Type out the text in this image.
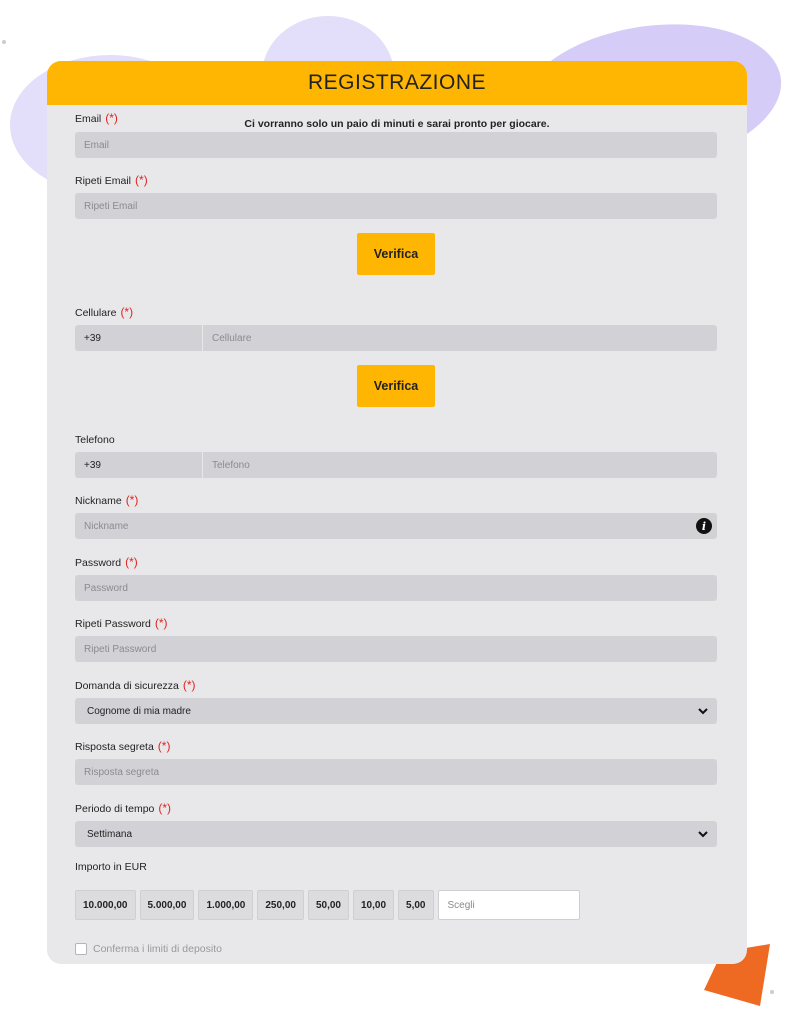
REGISTRAZIONE
Email (*)	Ci vorranno solo un paio di minuti e sarai pronto per giocare.
Email
Ripeti Email (*)
Ripeti Email
Verifica
Cellulare (*)
+39	Cellulare
Verifica
Telefono
+39	Telefono
Nickname (*)
Nickname	i
Password (*)
Password
Ripeti Password (*)
Ripeti Password
Domanda di sicurezza (*)
Cognome di mia madre
Risposta segreta (*)
Risposta segreta
Periodo di tempo (*)
Settimana
Importo in EUR
10.000,00	5.000,00	1.000,00	250,00	50,00	10,00	5,00	Scegli
Conferma i limiti di deposito
